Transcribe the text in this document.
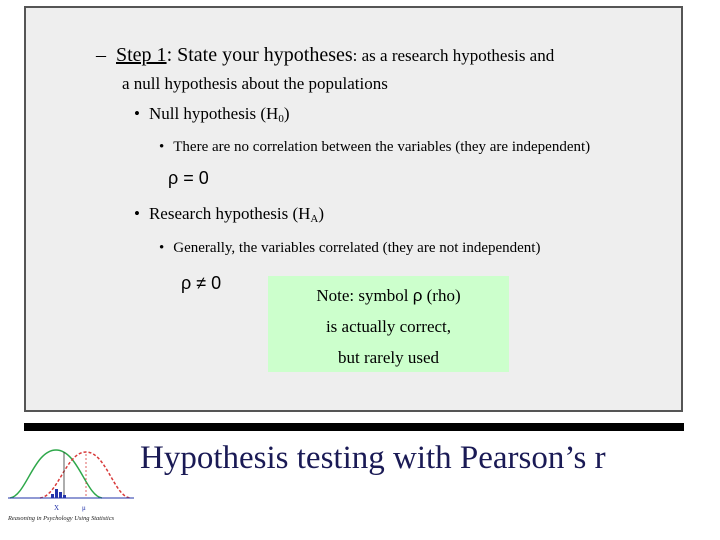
– Step 1: State your hypotheses: as a research hypothesis and
a null hypothesis about the populations
• Null hypothesis $(H_0)$
• There are no correlation between the variables (they are independent)
ρ = 0
• Research hypothesis $(H_A)$
• Generally, the variables correlated (they are not independent)
ρ ≠ 0
Note: symbol ρ (rho)
is actually correct,
but rarely used
X	μ
Reasoning in Psychology Using Statistics
Hypothesis testing with Pearson’s r
